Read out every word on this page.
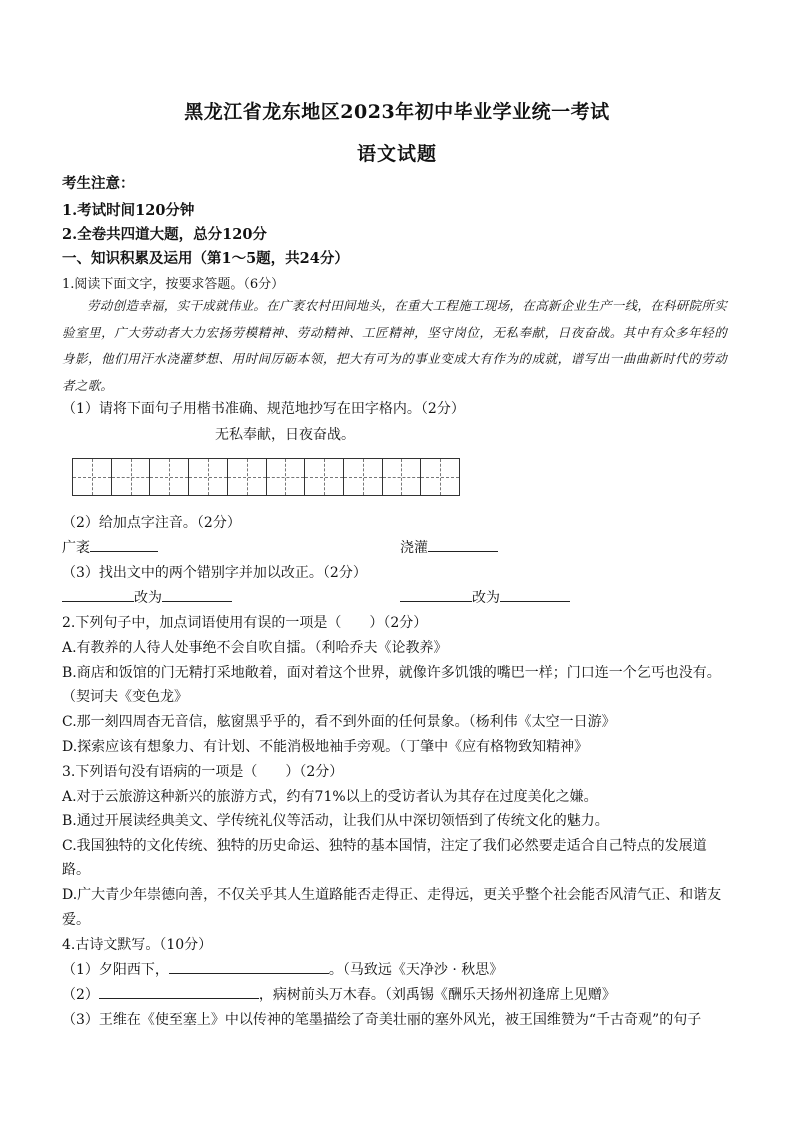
黑龙江省龙东地区2023年初中毕业学业统一考试
语文试题
考生注意：
1.考试时间120分钟
2.全卷共四道大题，总分120分
一、知识积累及运用（第1～5题，共24分）
1.阅读下面文字，按要求答题。（6分）
劳动创造幸福，实干成就伟业。在广袤农村田间地头，在重大工程施工现场，在高新企业生产一线，在科研院所实验室里，广大劳动者大力宏扬劳模精神、劳动精神、工匠精神，坚守岗位，无私奉献，日夜奋战。其中有众多年轻的身影，他们用汗水浇灌梦想、用时间厉砺本领，把大有可为的事业变成大有作为的成就，谱写出一曲曲新时代的劳动者之歌。
（1）请将下面句子用楷书准确、规范地抄写在田字格内。（2分）
无私奉献，日夜奋战。
（2）给加点字注音。（2分）
广袤	浇灌
（3）找出文中的两个错别字并加以改正。（2分）
改为	改为
2.下列句子中，加点词语使用有误的一项是（　　）（2分）
A.有教养的人待人处事绝不会自吹自擂。（利哈乔夫《论教养》
B.商店和饭馆的门无精打采地敞着，面对着这个世界，就像许多饥饿的嘴巴一样；门口连一个乞丐也没有。
（契诃夫《变色龙》
C.那一刻四周杳无音信，舷窗黑乎乎的，看不到外面的任何景象。（杨利伟《太空一日游》
D.探索应该有想象力、有计划、不能消极地袖手旁观。（丁肇中《应有格物致知精神》
3.下列语句没有语病的一项是（　　）（2分）
A.对于云旅游这种新兴的旅游方式，约有71%以上的受访者认为其存在过度美化之嫌。
B.通过开展读经典美文、学传统礼仪等活动，让我们从中深切领悟到了传统文化的魅力。
C.我国独特的文化传统、独特的历史命运、独特的基本国情，注定了我们必然要走适合自己特点的发展道
路。
D.广大青少年崇德向善，不仅关乎其人生道路能否走得正、走得远，更关乎整个社会能否风清气正、和谐友
爱。
4.古诗文默写。（10分）
（1）夕阳西下，	。（马致远《天净沙 · 秋思》
（2）	，病树前头万木春。（刘禹锡《酬乐天扬州初逢席上见赠》
（3）王维在《使至塞上》中以传神的笔墨描绘了奇美壮丽的塞外风光，被王国维赞为“千古奇观”的句子
